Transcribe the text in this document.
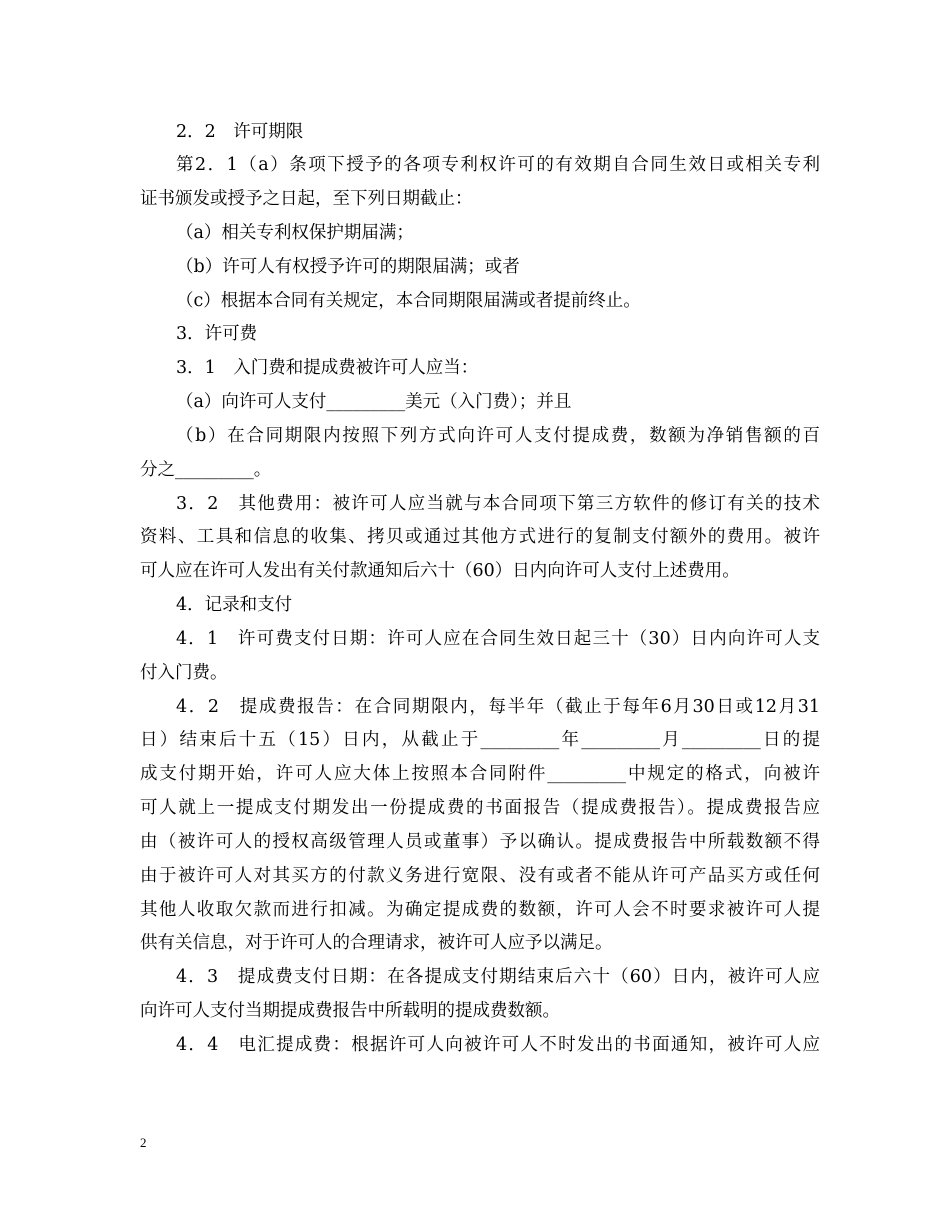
2．2　许可期限
第2．1（a）条项下授予的各项专利权许可的有效期自合同生效日或相关专利
证书颁发或授予之日起，至下列日期截止：
（a）相关专利权保护期届满；
（b）许可人有权授予许可的期限届满；或者
（c）根据本合同有关规定，本合同期限届满或者提前终止。
3．许可费
3．1　入门费和提成费被许可人应当：
（a）向许可人支付_________美元（入门费）；并且
（b）在合同期限内按照下列方式向许可人支付提成费，数额为净销售额的百
分之_________。
3．2　其他费用：被许可人应当就与本合同项下第三方软件的修订有关的技术
资料、工具和信息的收集、拷贝或通过其他方式进行的复制支付额外的费用。被许
可人应在许可人发出有关付款通知后六十（60）日内向许可人支付上述费用。
4．记录和支付
4．1　许可费支付日期：许可人应在合同生效日起三十（30）日内向许可人支
付入门费。
4．2　提成费报告：在合同期限内，每半年（截止于每年6月30日或12月31
日）结束后十五（15）日内，从截止于_________年_________月_________日的提
成支付期开始，许可人应大体上按照本合同附件_________中规定的格式，向被许
可人就上一提成支付期发出一份提成费的书面报告（提成费报告）。提成费报告应
由（被许可人的授权高级管理人员或董事）予以确认。提成费报告中所载数额不得
由于被许可人对其买方的付款义务进行宽限、没有或者不能从许可产品买方或任何
其他人收取欠款而进行扣减。为确定提成费的数额，许可人会不时要求被许可人提
供有关信息，对于许可人的合理请求，被许可人应予以满足。
4．3　提成费支付日期：在各提成支付期结束后六十（60）日内，被许可人应
向许可人支付当期提成费报告中所载明的提成费数额。
4．4　电汇提成费：根据许可人向被许可人不时发出的书面通知，被许可人应
2
